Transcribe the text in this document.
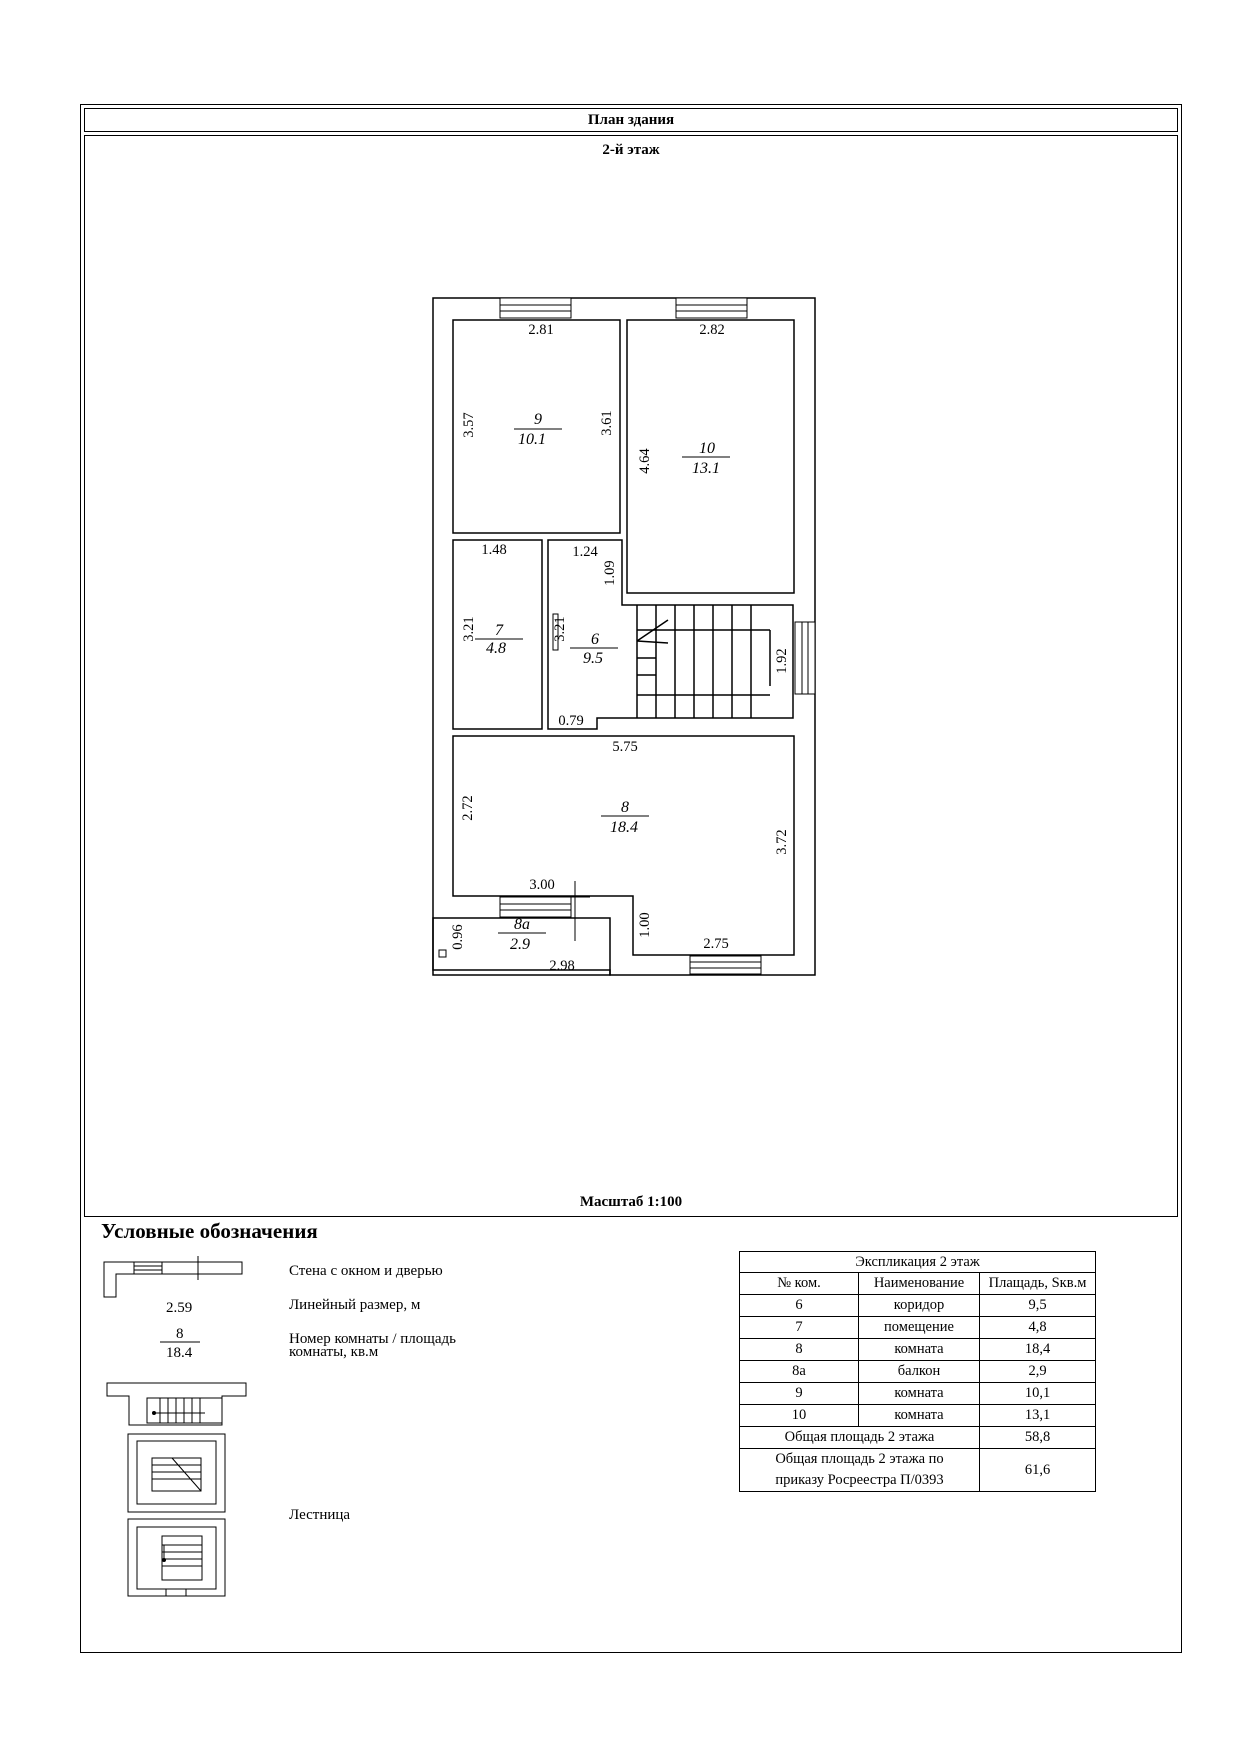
План здания
2-й этаж
Масштаб 1:100
9
10.1
10
13.1
7
4.8
6
9.5
8
18.4
8а
2.9
2.81	2.82
3.57	3.61
4.64
1.48	1.24
1.09
3.21	3.21
1.92
0.79
5.75
2.72
3.72
3.00
1.00
0.96	2.75
2.98
Условные обозначения
Стена с окном и дверью
2.59	Линейный размер, м
8
18.4
Номер комнаты / площадь
комнаты, кв.м
Лестница
Экспликация 2 этаж		
№ ком.	Наименование	Плащадь, Sкв.м
6	коридор	9,5
7	помещение	4,8
8	комната	18,4
8а	балкон	2,9
9	комната	10,1
10	комната	13,1
Общая площадь 2 этажа		58,8

Общая площадь 2 этажа по
приказу Росреестра П/0393		61,6
